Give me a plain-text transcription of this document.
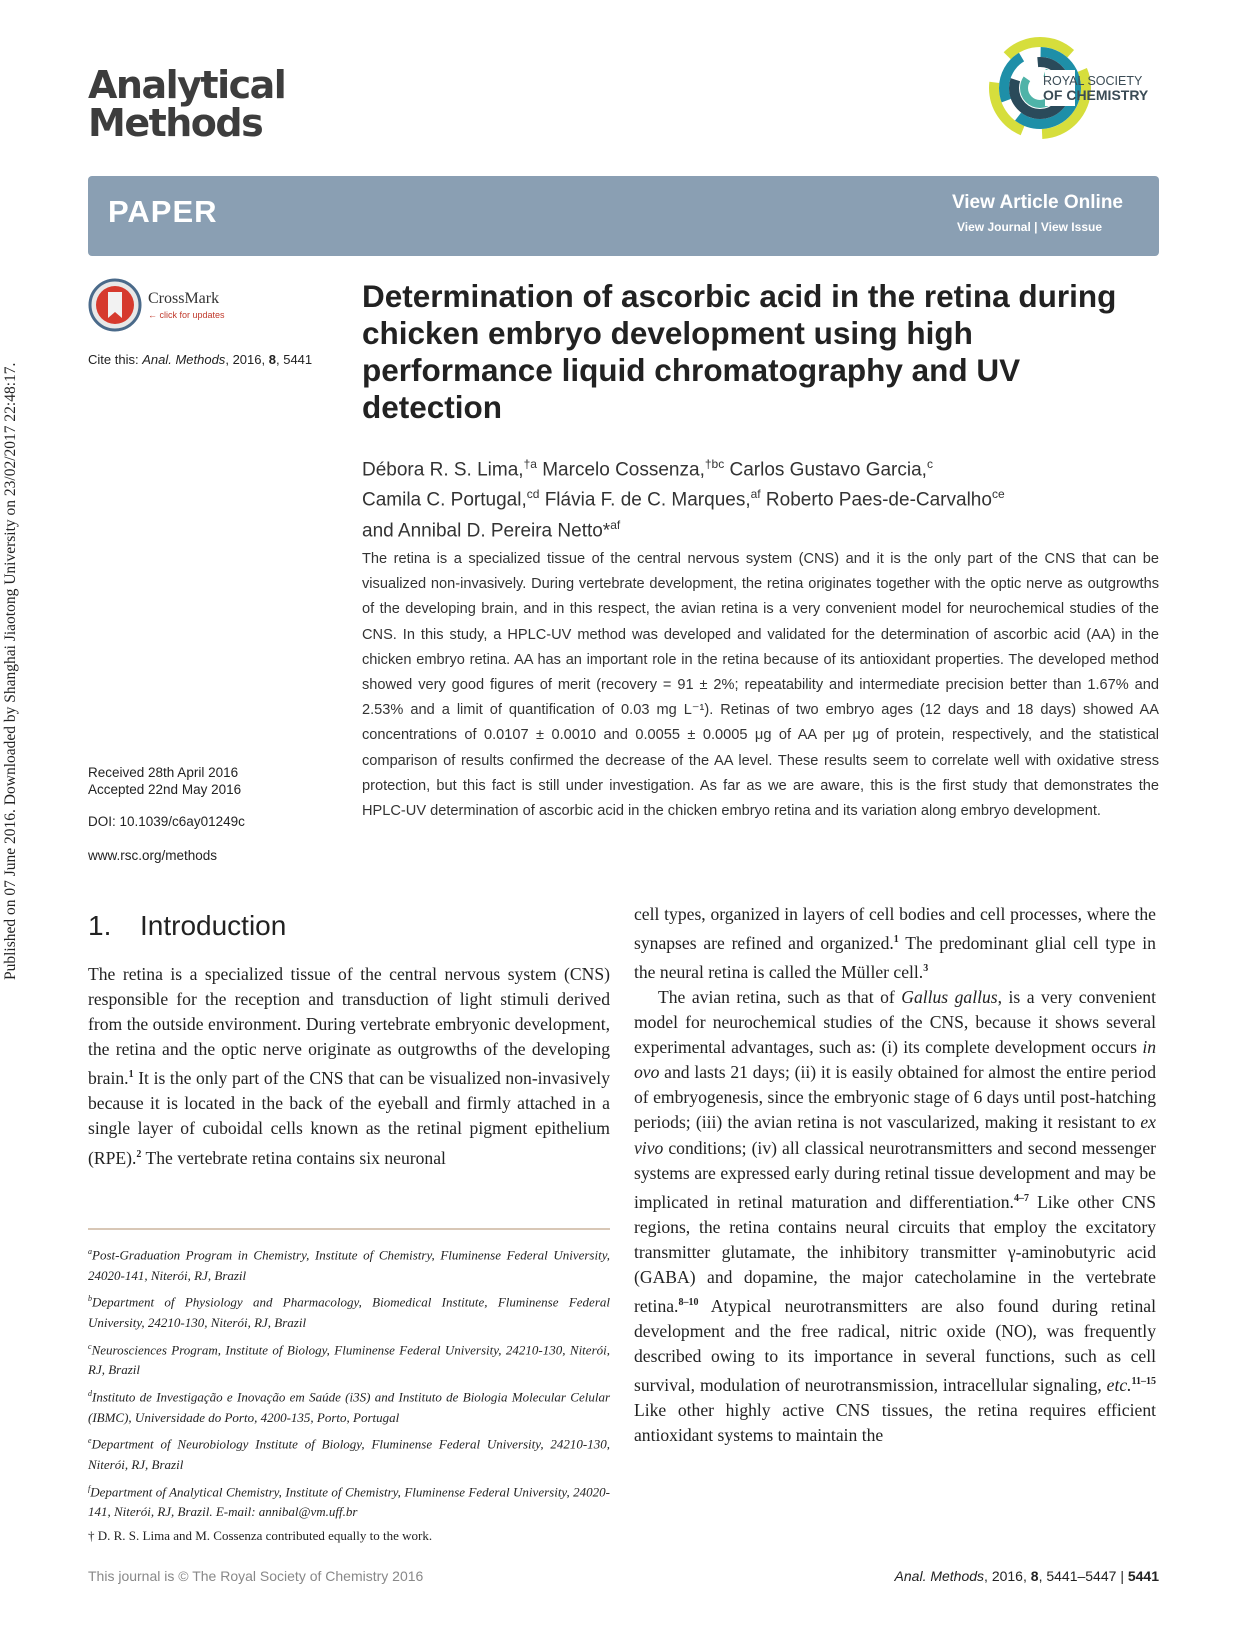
Published on 07 June 2016. Downloaded by Shanghai Jiaotong University on 23/02/2017 22:48:17.
Analytical
Methods
ROYAL SOCIETY
OF CHEMISTRY
PAPER	View Article Online
View Journal | View Issue
CrossMark
← click for updates
Cite this: Anal. Methods, 2016, 8, 5441
Determination of ascorbic acid in the retina during chicken embryo development using high performance liquid chromatography and UV detection
Débora R. S. Lima,$^{\dagger a}$ Marcelo Cossenza,$^{\dagger bc}$ Carlos Gustavo Garcia,$^c$
Camila C. Portugal,$^{cd}$ Flávia F. de C. Marques,$^{af}$ Roberto Paes-de-Carvalho$^{ce}$
and Annibal D. Pereira Netto*$^{af}$
The retina is a specialized tissue of the central nervous system (CNS) and it is the only part of the CNS that can be visualized non-invasively. During vertebrate development, the retina originates together with the optic nerve as outgrowths of the developing brain, and in this respect, the avian retina is a very convenient model for neurochemical studies of the CNS. In this study, a HPLC-UV method was developed and validated for the determination of ascorbic acid (AA) in the chicken embryo retina. AA has an important role in the retina because of its antioxidant properties. The developed method showed very good figures of merit (recovery = 91 ± 2%; repeatability and intermediate precision better than 1.67% and 2.53% and a limit of quantification of 0.03 mg L⁻¹). Retinas of two embryo ages (12 days and 18 days) showed AA concentrations of 0.0107 ± 0.0010 and 0.0055 ± 0.0005 μg of AA per μg of protein, respectively, and the statistical comparison of results confirmed the decrease of the AA level. These results seem to correlate well with oxidative stress protection, but this fact is still under investigation. As far as we are aware, this is the first study that demonstrates the HPLC-UV determination of ascorbic acid in the chicken embryo retina and its variation along embryo development.
Received 28th April 2016
Accepted 22nd May 2016
DOI: 10.1039/c6ay01249c
www.rsc.org/methods
1. Introduction

The retina is a specialized tissue of the central nervous system (CNS) responsible for the reception and transduction of light stimuli derived from the outside environment. During vertebrate embryonic development, the retina and the optic nerve originate as outgrowths of the developing brain.$^1$ It is the only part of the CNS that can be visualized non-invasively because it is located in the back of the eyeball and firmly attached in a single layer of cuboidal cells known as the retinal pigment epithelium (RPE).$^2$ The vertebrate retina contains six neuronal

$^a$Post-Graduation Program in Chemistry, Institute of Chemistry, Fluminense Federal University, 24020-141, Niterói, RJ, Brazil

$^b$Department of Physiology and Pharmacology, Biomedical Institute, Fluminense Federal University, 24210-130, Niterói, RJ, Brazil

$^c$Neurosciences Program, Institute of Biology, Fluminense Federal University, 24210-130, Niterói, RJ, Brazil

$^d$Instituto de Investigação e Inovação em Saúde (i3S) and Instituto de Biologia Molecular Celular (IBMC), Universidade do Porto, 4200-135, Porto, Portugal

$^e$Department of Neurobiology Institute of Biology, Fluminense Federal University, 24210-130, Niterói, RJ, Brazil

$^f$Department of Analytical Chemistry, Institute of Chemistry, Fluminense Federal University, 24020-141, Niterói, RJ, Brazil. E-mail: annibal@vm.uff.br

† D. R. S. Lima and M. Cossenza contributed equally to the work.

cell types, organized in layers of cell bodies and cell processes, where the synapses are refined and organized.$^1$ The predominant glial cell type in the neural retina is called the Müller cell.$^3$

The avian retina, such as that of Gallus gallus, is a very convenient model for neurochemical studies of the CNS, because it shows several experimental advantages, such as: (i) its complete development occurs in ovo and lasts 21 days; (ii) it is easily obtained for almost the entire period of embryogenesis, since the embryonic stage of 6 days until post-hatching periods; (iii) the avian retina is not vascularized, making it resistant to ex vivo conditions; (iv) all classical neurotransmitters and second messenger systems are expressed early during retinal tissue development and may be implicated in retinal maturation and differentiation.$^{4-7}$ Like other CNS regions, the retina contains neural circuits that employ the excitatory transmitter glutamate, the inhibitory transmitter γ-aminobutyric acid (GABA) and dopamine, the major catecholamine in the vertebrate retina.$^{8-10}$ Atypical neurotransmitters are also found during retinal development and the free radical, nitric oxide (NO), was frequently described owing to its importance in several functions, such as cell survival, modulation of neurotransmission, intracellular signaling, etc.$^{11-15}$ Like other highly active CNS tissues, the retina requires efficient antioxidant systems to maintain the

This journal is © The Royal Society of Chemistry 2016	Anal. Methods, 2016, 8, 5441–5447 | 5441
